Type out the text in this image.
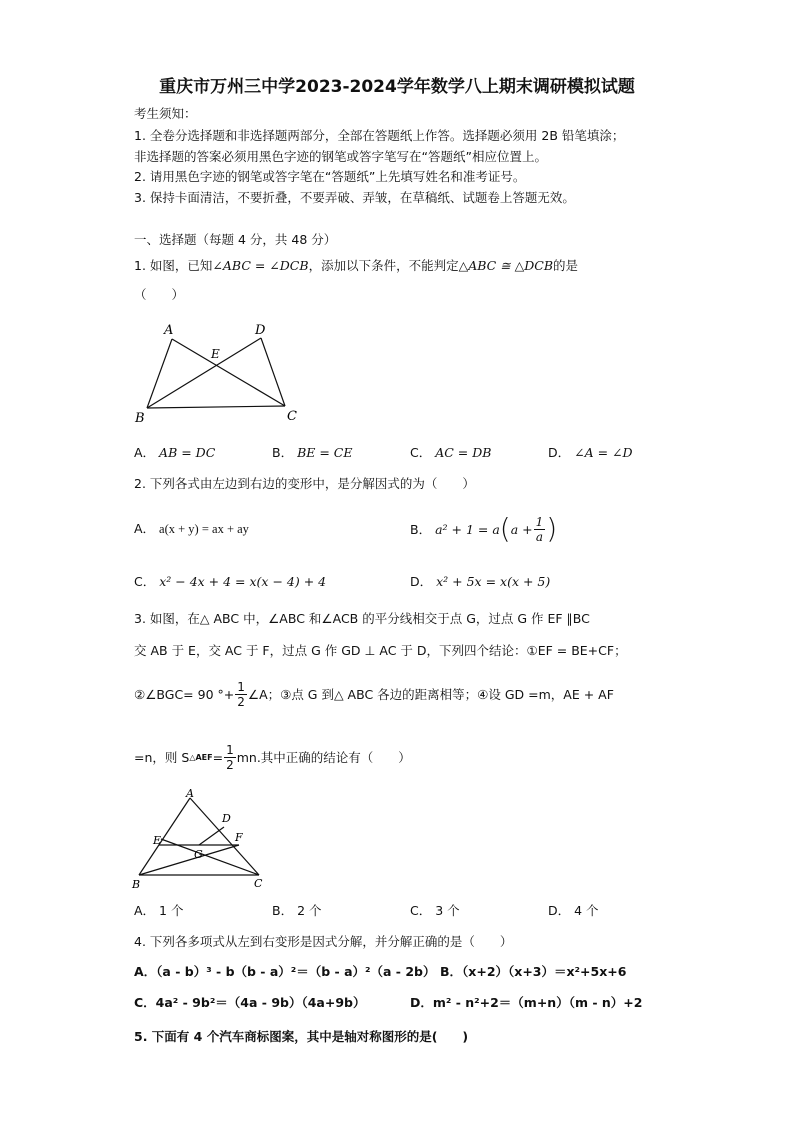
重庆市万州三中学2023-2024学年数学八上期末调研模拟试题
考生须知：
1. 全卷分选择题和非选择题两部分，全部在答题纸上作答。选择题必须用 2B 铅笔填涂；
非选择题的答案必须用黑色字迹的钢笔或答字笔写在“答题纸”相应位置上。
2. 请用黑色字迹的钢笔或答字笔在“答题纸”上先填写姓名和准考证号。
3. 保持卡面清洁，不要折叠，不要弄破、弄皱，在草稿纸、试题卷上答题无效。
一、选择题（每题 4 分，共 48 分）
1. 如图，已知∠ABC = ∠DCB，添加以下条件，不能判定△ABC ≅ △DCB的是
（　　）
A	D
E
B	C
A． AB = DC	B． BE = CE	C． AC = DB	D． ∠A = ∠D
2. 下列各式由左边到右边的变形中，是分解因式的为（　　）
A． a(x + y) = ax + ay	B．
a² + 1 = a ( $a + \frac{1}{a}$ )
C． x² − 4x + 4 = x(x − 4) + 4	D． x² + 5x = x(x + 5)
3. 如图，在△ ABC 中，∠ABC 和∠ACB 的平分线相交于点 G，过点 G 作 EF ∥BC
交 AB 于 E，交 AC 于 F，过点 G 作 GD ⊥ AC 于 D，下列四个结论：①EF = BE+CF；
②∠BGC= 90 °+ $\frac{1}{2}$ ∠A；③点 G 到△ ABC 各边的距离相等；④设 GD =m，AE + AF
=n，则 S △AEF = $\frac{1}{2}$ mn.其中正确的结论有（　　）
A
D
E	F
G
B	C
A． 1 个	B． 2 个	C． 3 个	D． 4 个
4. 下列各多项式从左到右变形是因式分解，并分解正确的是（　　）
A．（a - b）³ - b（b - a）²＝（b - a）²（a - 2b） B．（x+2）（x+3）＝x²+5x+6
C．4a² - 9b²＝（4a - 9b）（4a+9b）	D．m² - n²+2＝（m+n）（m - n）+2
5. 下面有 4 个汽车商标图案，其中是轴对称图形的是(　　)
